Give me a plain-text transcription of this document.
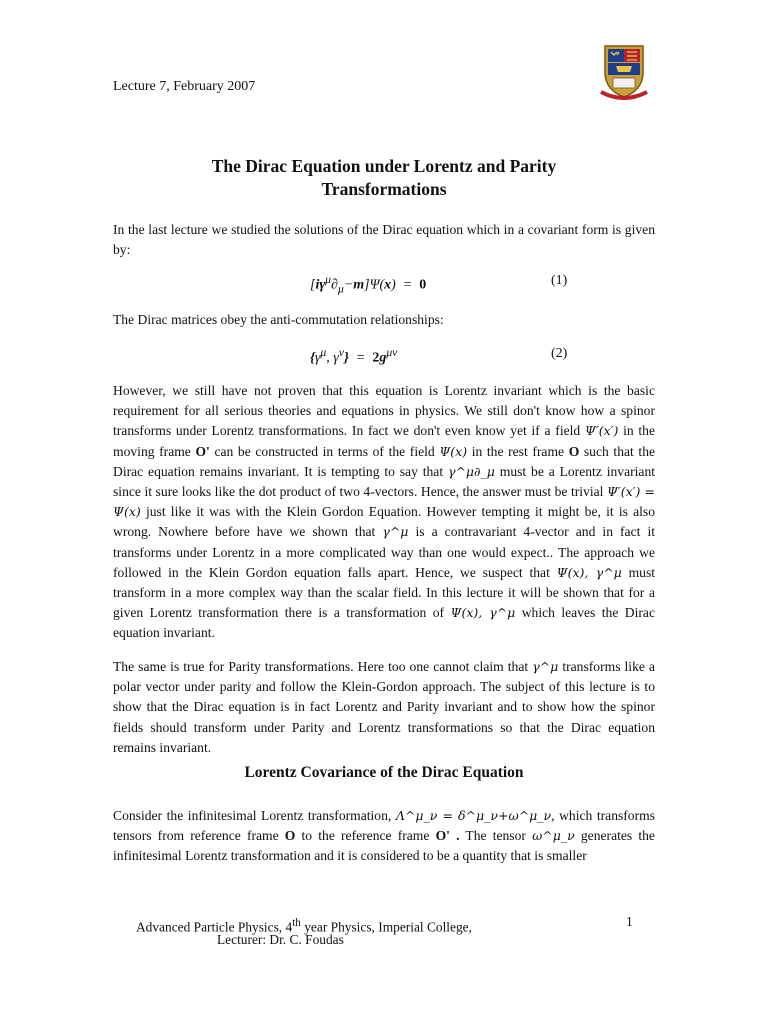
Lecture 7, February 2007
The Dirac Equation under Lorentz and Parity
Transformations
In the last lecture we studied the solutions of the Dirac equation which in a covariant form is given by:
$[i\gamma^\mu\partial_\mu-m]\Psi(x) = 0$	(1)
The Dirac matrices obey the anti-commutation relationships:
{$\gamma^\mu$, $\gamma^\nu\} = 2g^{\mu\nu}$	(2)
However, we still have not proven that this equation is Lorentz invariant which is the basic requirement for all serious theories and equations in physics. We still don't know how a spinor transforms under Lorentz transformations. In fact we don't even know yet if a field Ψ′(x′) in the moving frame O' can be constructed in terms of the field Ψ(x) in the rest frame O such that the Dirac equation remains invariant. It is tempting to say that γ^μ∂_μ must be a Lorentz invariant since it sure looks like the dot product of two 4-vectors. Hence, the answer must be trivial Ψ′(x′) = Ψ(x) just like it was with the Klein Gordon Equation. However tempting it might be, it is also wrong. Nowhere before have we shown that γ^μ is a contravariant 4-vector and in fact it transforms under Lorentz in a more complicated way than one would expect.. The approach we followed in the Klein Gordon equation falls apart. Hence, we suspect that Ψ(x), γ^μ must transform in a more complex way than the scalar field. In this lecture it will be shown that for a given Lorentz transformation there is a transformation of Ψ(x), γ^μ which leaves the Dirac equation invariant.
The same is true for Parity transformations. Here too one cannot claim that γ^μ transforms like a polar vector under parity and follow the Klein-Gordon approach. The subject of this lecture is to show that the Dirac equation is in fact Lorentz and Parity invariant and to show how the spinor fields should transform under Parity and Lorentz transformations so that the Dirac equation remains invariant.
Lorentz Covariance of the Dirac Equation
Consider the infinitesimal Lorentz transformation, Λ^μ_ν = δ^μ_ν+ω^μ_ν, which transforms tensors from reference frame O to the reference frame O' . The tensor ω^μ_ν generates the infinitesimal Lorentz transformation and it is considered to be a quantity that is smaller
Advanced Particle Physics, 4th year Physics, Imperial College,
Lecturer: Dr. C. Foudas
1
